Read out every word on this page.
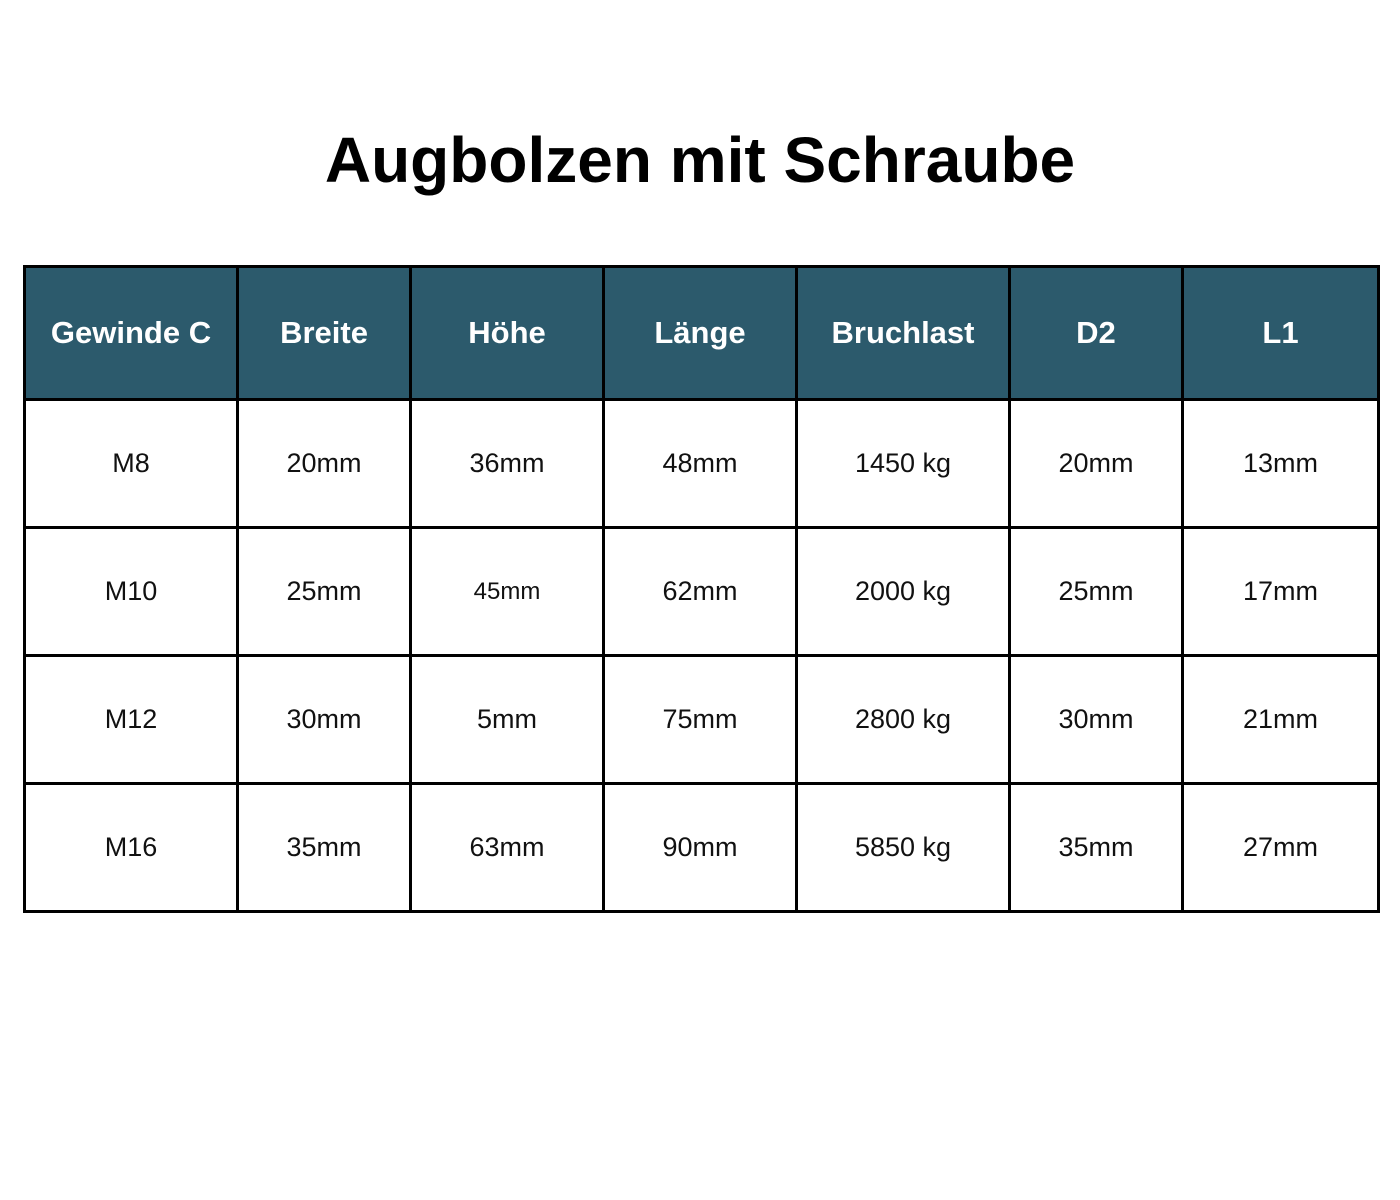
Augbolzen mit Schraube
Gewinde C	Breite	Höhe	Länge	Bruchlast	D2	L1
M8	20mm	36mm	48mm	1450 kg	20mm	13mm
M10	25mm	45mm	62mm	2000 kg	25mm	17mm
M12	30mm	5mm	75mm	2800 kg	30mm	21mm
M16	35mm	63mm	90mm	5850 kg	35mm	27mm
